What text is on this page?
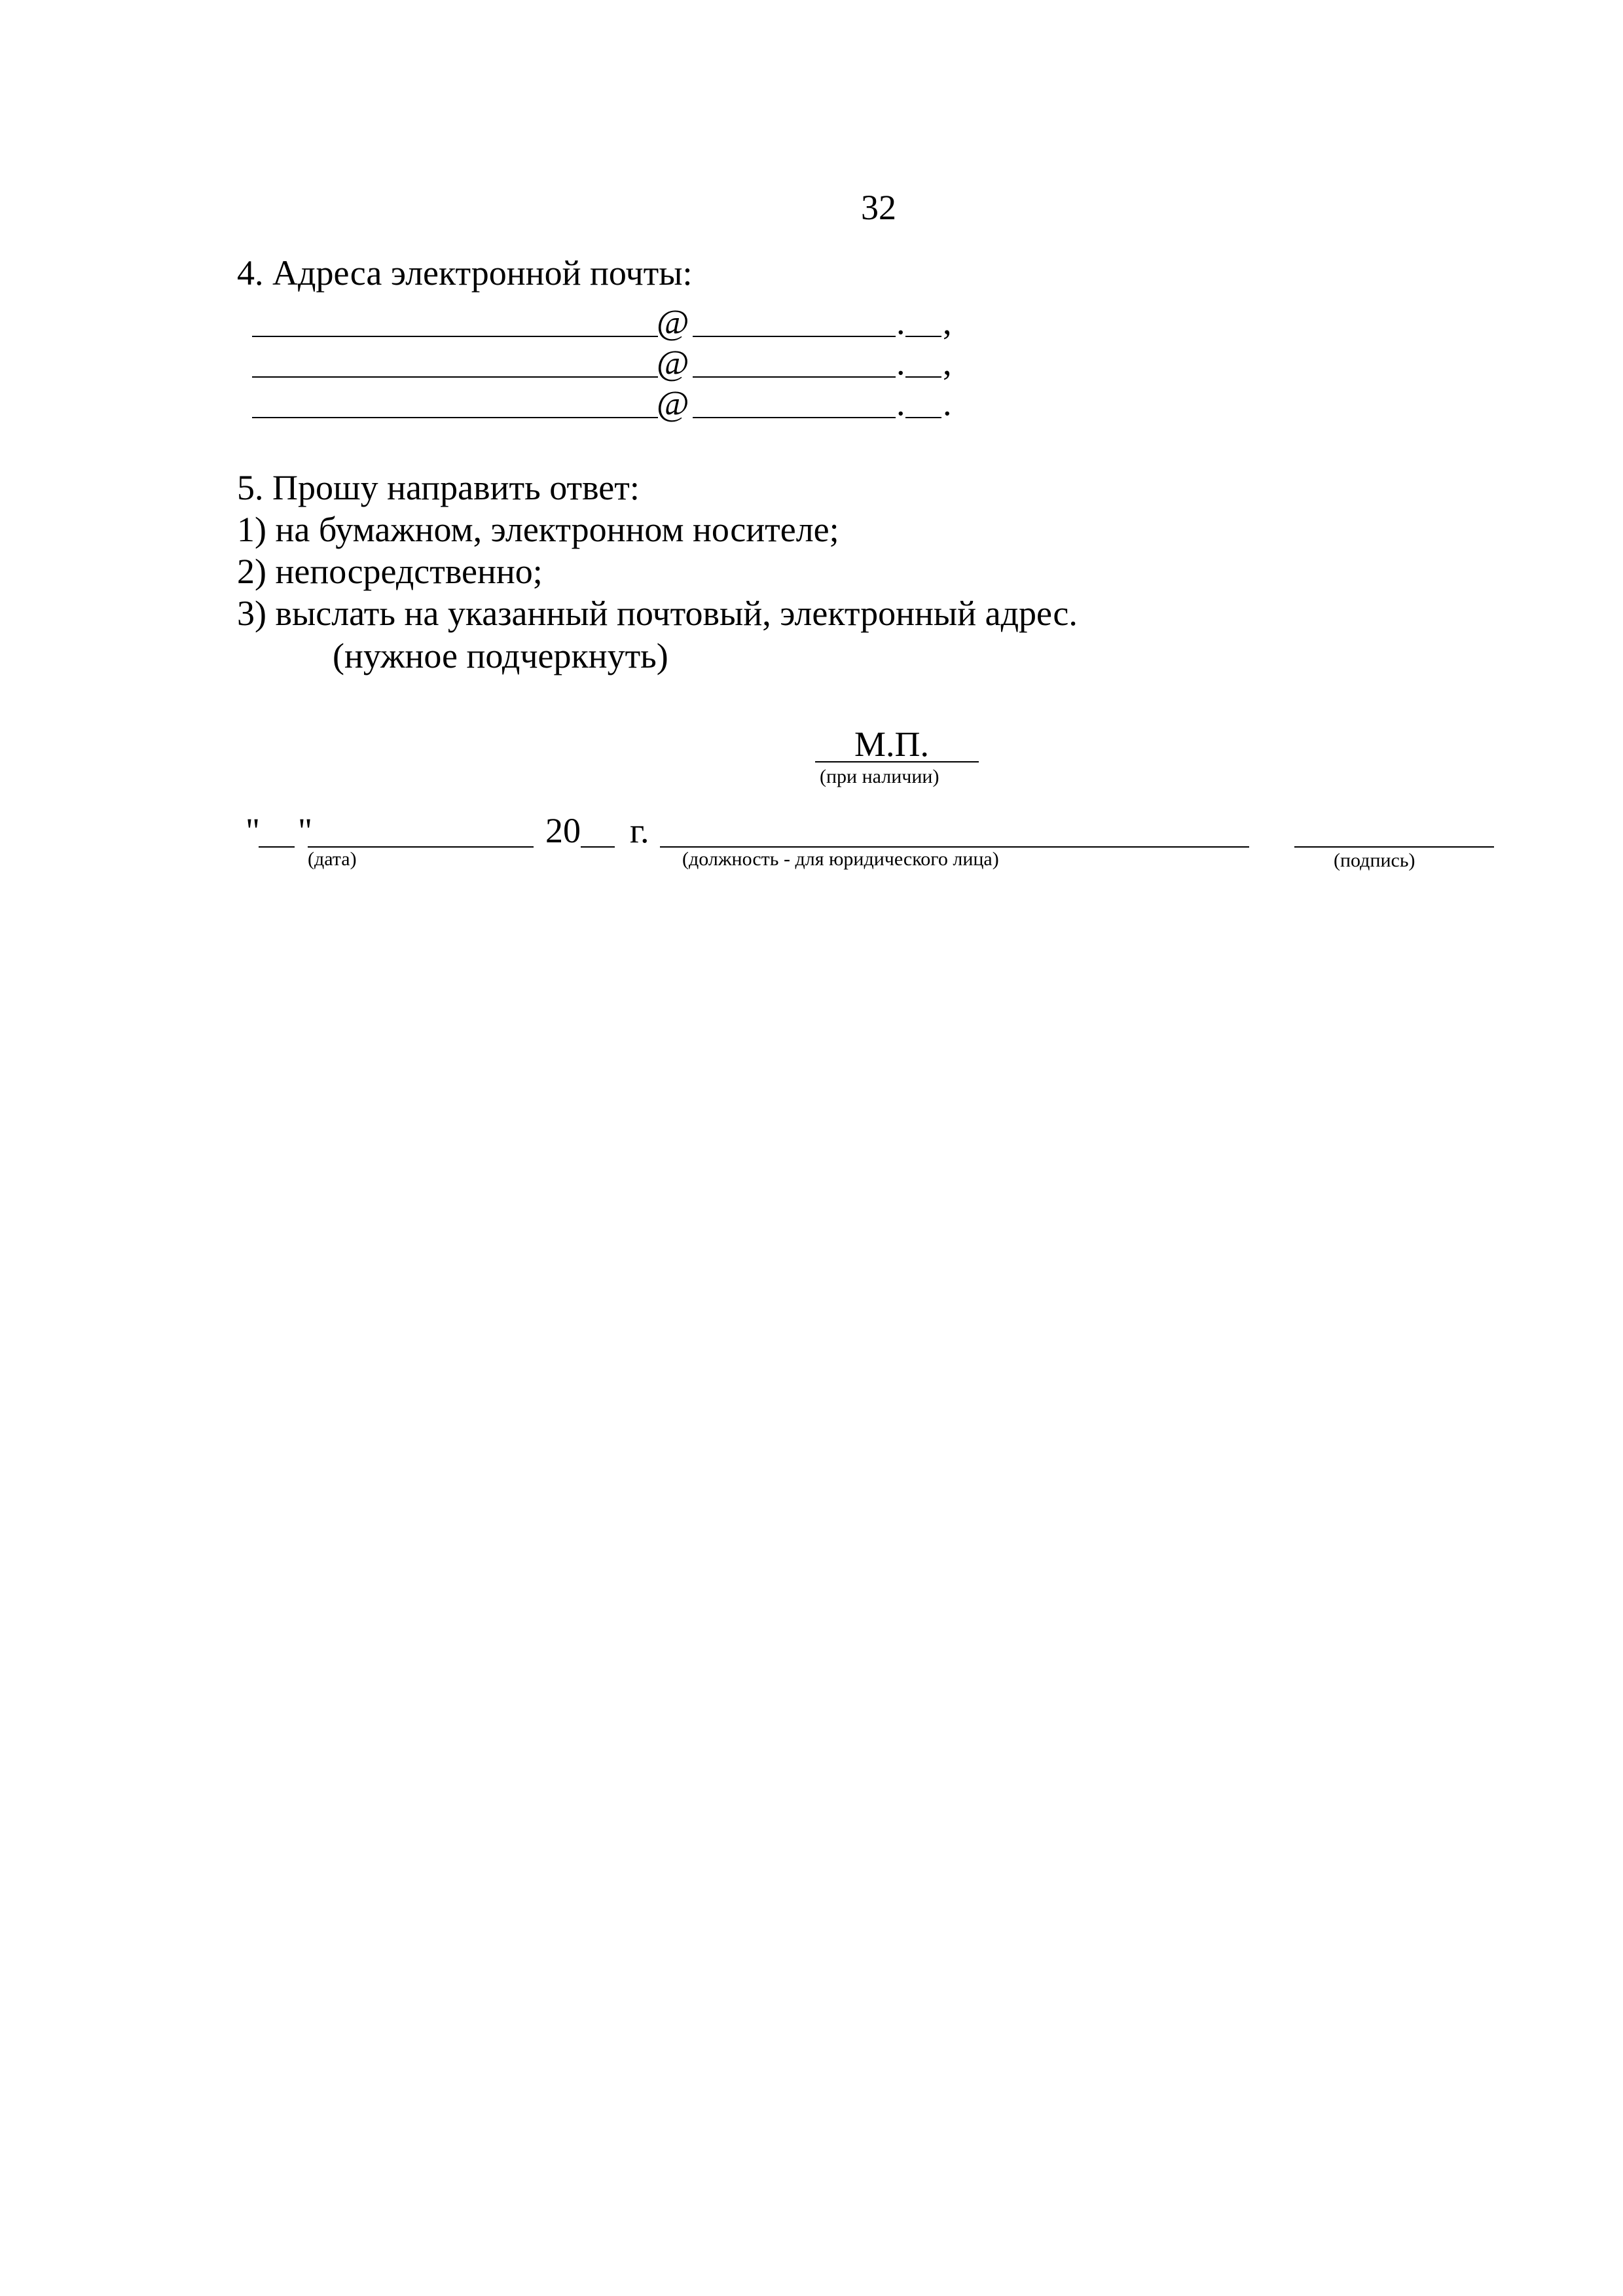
32
4. Адреса электронной почты:
@	. ,
@	. ,
@	. .
5. Прошу направить ответ:
1) на бумажном, электронном носителе;
2) непосредственно;
3) выслать на указанный почтовый, электронный адрес.
(нужное подчеркнуть)
М.П.
(при наличии)
" "
(дата)
20 г.
(должность - для юридического лица)	(подпись)
